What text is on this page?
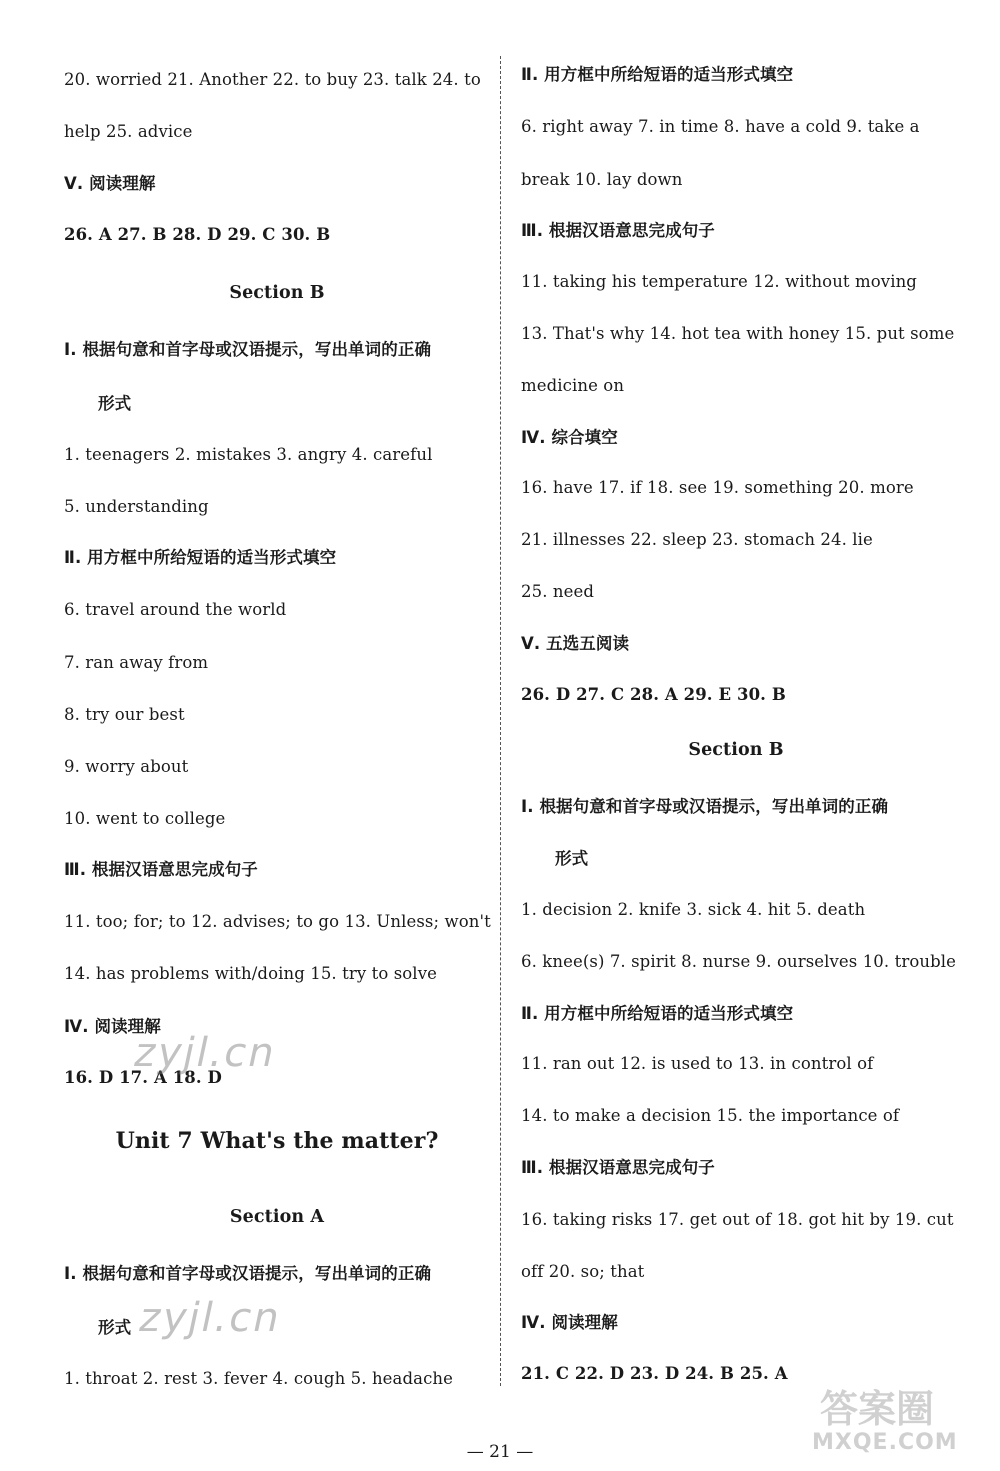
20. worried 21. Another 22. to buy 23. talk 24. to
help 25. advice
Ⅴ. 阅读理解
26. A 27. B 28. D 29. C 30. B
Section B
Ⅰ. 根据句意和首字母或汉语提示，写出单词的正确
形式
1. teenagers 2. mistakes 3. angry 4. careful
5. understanding
Ⅱ. 用方框中所给短语的适当形式填空
6. travel around the world
7. ran away from
8. try our best
9. worry about
10. went to college
Ⅲ. 根据汉语意思完成句子
11. too; for; to 12. advises; to go 13. Unless; won't
14. has problems with/doing 15. try to solve
Ⅳ. 阅读理解
16. D 17. A 18. D
Unit 7 What's the matter?
Section A
Ⅰ. 根据句意和首字母或汉语提示，写出单词的正确
形式
1. throat 2. rest 3. fever 4. cough 5. headache
Ⅱ. 用方框中所给短语的适当形式填空
6. right away 7. in time 8. have a cold 9. take a
break 10. lay down
Ⅲ. 根据汉语意思完成句子
11. taking his temperature 12. without moving
13. That's why 14. hot tea with honey 15. put some
medicine on
Ⅳ. 综合填空
16. have 17. if 18. see 19. something 20. more
21. illnesses 22. sleep 23. stomach 24. lie
25. need
Ⅴ. 五选五阅读
26. D 27. C 28. A 29. E 30. B
Section B
Ⅰ. 根据句意和首字母或汉语提示，写出单词的正确
形式
1. decision 2. knife 3. sick 4. hit 5. death
6. knee(s) 7. spirit 8. nurse 9. ourselves 10. trouble
Ⅱ. 用方框中所给短语的适当形式填空
11. ran out 12. is used to 13. in control of
14. to make a decision 15. the importance of
Ⅲ. 根据汉语意思完成句子
16. taking risks 17. get out of 18. got hit by 19. cut
off 20. so; that
Ⅳ. 阅读理解
21. C 22. D 23. D 24. B 25. A
zyjl.cn
zyjl.cn
答案圈
MXQE.COM
— 21 —
